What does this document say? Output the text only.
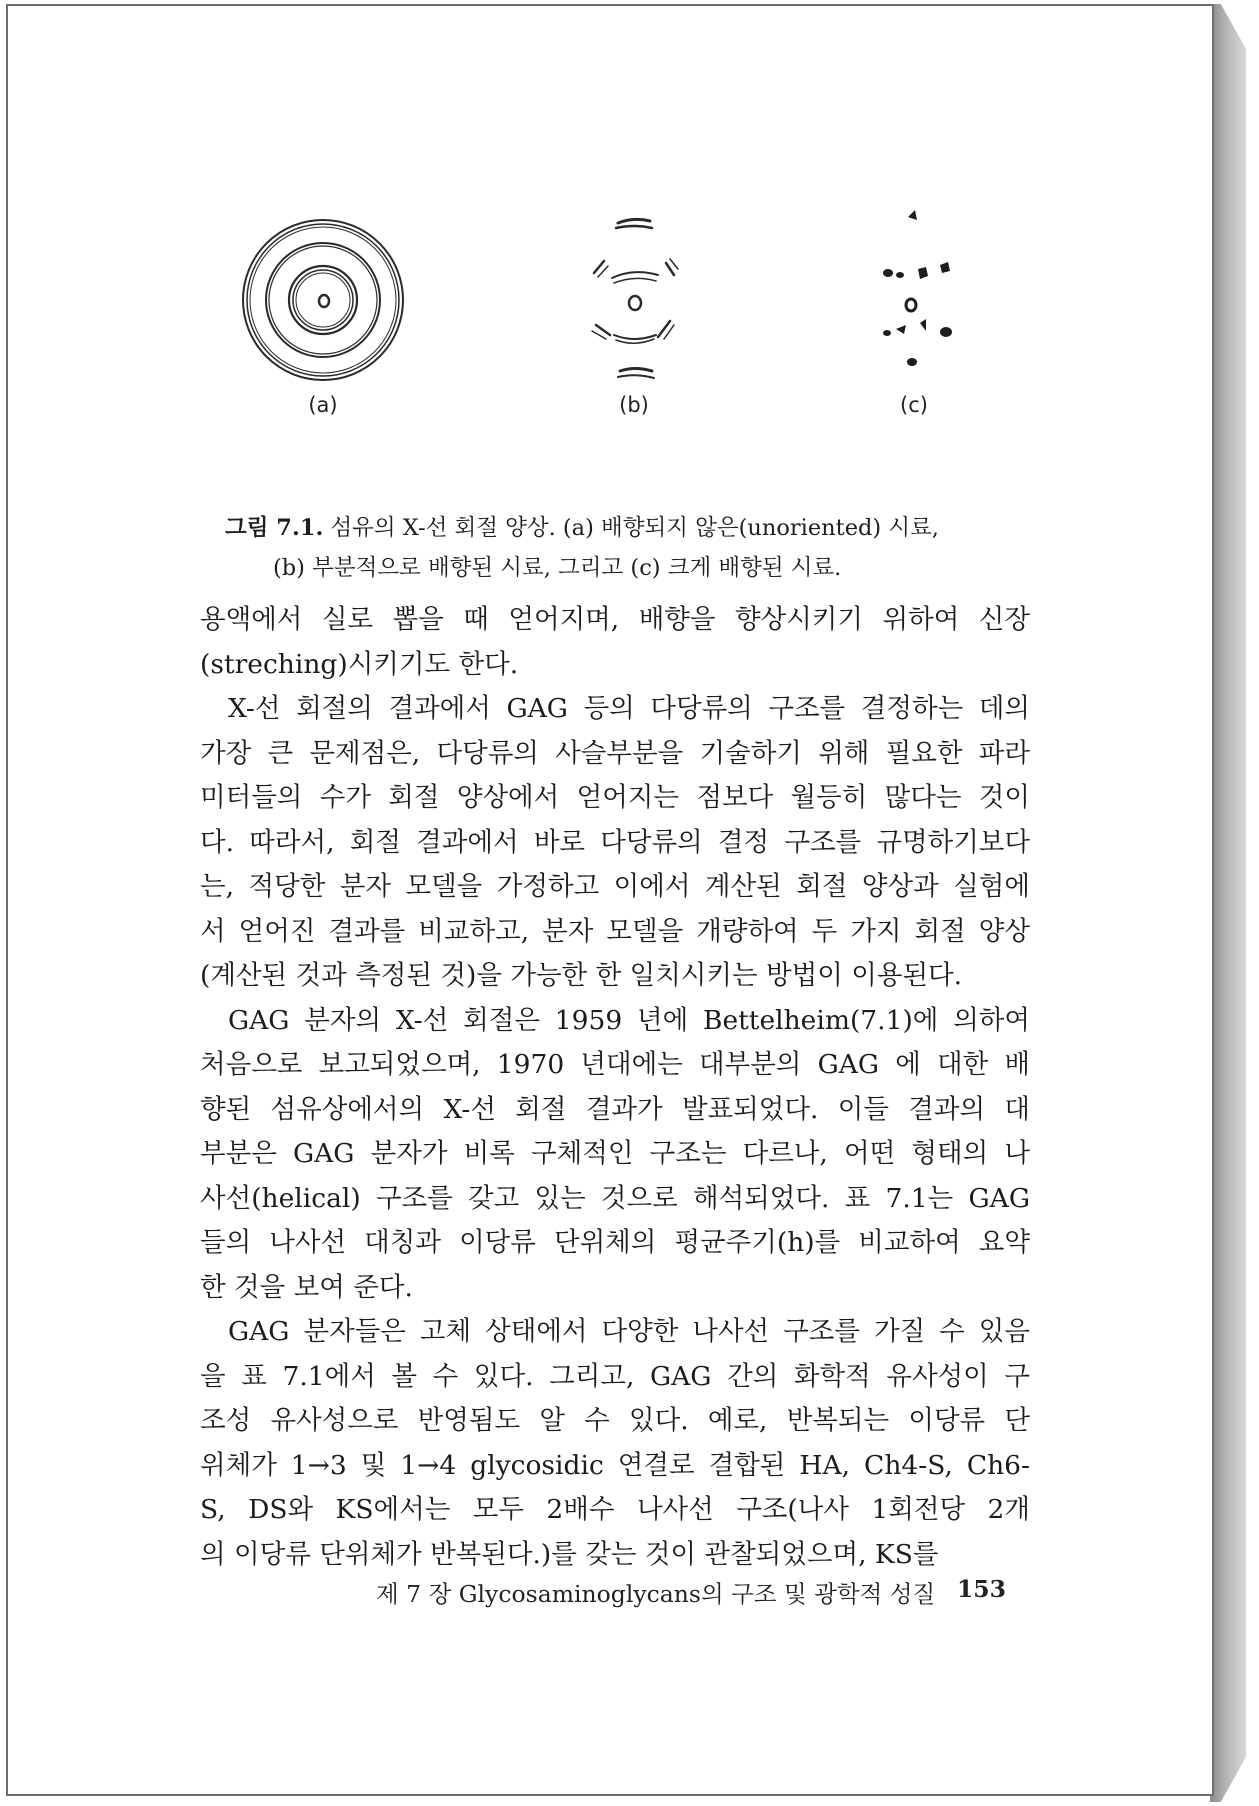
(a)	(b)	(c)
그림 7.1. 섬유의 X-선 회절 양상. (a) 배향되지 않은(unoriented) 시료,
(b) 부분적으로 배향된 시료, 그리고 (c) 크게 배향된 시료.
용액에서 실로 뽑을 때 얻어지며, 배향을 향상시키기 위하여 신장
(streching)시키기도 한다.
X-선 회절의 결과에서 GAG 등의 다당류의 구조를 결정하는 데의
가장 큰 문제점은, 다당류의 사슬부분을 기술하기 위해 필요한 파라
미터들의 수가 회절 양상에서 얻어지는 점보다 월등히 많다는 것이
다. 따라서, 회절 결과에서 바로 다당류의 결정 구조를 규명하기보다
는, 적당한 분자 모델을 가정하고 이에서 계산된 회절 양상과 실험에
서 얻어진 결과를 비교하고, 분자 모델을 개량하여 두 가지 회절 양상
(계산된 것과 측정된 것)을 가능한 한 일치시키는 방법이 이용된다.
GAG 분자의 X-선 회절은 1959 년에 Bettelheim(7.1)에 의하여
처음으로 보고되었으며, 1970 년대에는 대부분의 GAG 에 대한 배
향된 섬유상에서의 X-선 회절 결과가 발표되었다. 이들 결과의 대
부분은 GAG 분자가 비록 구체적인 구조는 다르나, 어떤 형태의 나
사선(helical) 구조를 갖고 있는 것으로 해석되었다. 표 7.1는 GAG
들의 나사선 대칭과 이당류 단위체의 평균주기(h)를 비교하여 요약
한 것을 보여 준다.
GAG 분자들은 고체 상태에서 다양한 나사선 구조를 가질 수 있음
을 표 7.1에서 볼 수 있다. 그리고, GAG 간의 화학적 유사성이 구
조성 유사성으로 반영됨도 알 수 있다. 예로, 반복되는 이당류 단
위체가 1→3 및 1→4 glycosidic 연결로 결합된 HA, Ch4-S, Ch6-
S, DS와 KS에서는 모두 2배수 나사선 구조(나사 1회전당 2개
의 이당류 단위체가 반복된다.)를 갖는 것이 관찰되었으며, KS를
제 7 장 Glycosaminoglycans의 구조 및 광학적 성질 153
